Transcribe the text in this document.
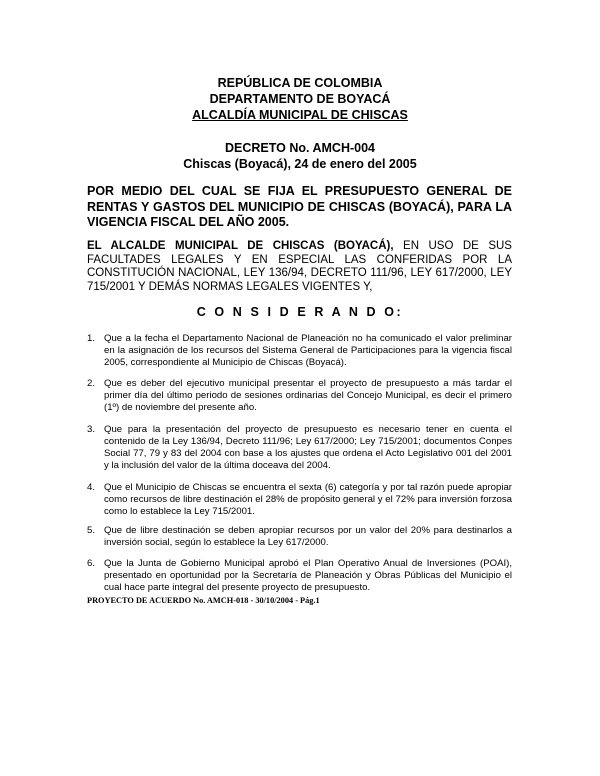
REPÚBLICA DE COLOMBIA
DEPARTAMENTO DE BOYACÁ
ALCALDÍA MUNICIPAL DE CHISCAS
DECRETO No. AMCH-004
Chiscas (Boyacá), 24 de enero del 2005
POR MEDIO DEL CUAL SE FIJA EL PRESUPUESTO GENERAL DE RENTAS Y GASTOS DEL MUNICIPIO DE CHISCAS (BOYACÁ), PARA LA VIGENCIA FISCAL DEL AÑO 2005.
EL ALCALDE MUNICIPAL DE CHISCAS (BOYACÁ), EN USO DE SUS FACULTADES LEGALES Y EN ESPECIAL LAS CONFERIDAS POR LA CONSTITUCIÓN NACIONAL, LEY 136/94, DECRETO 111/96, LEY 617/2000, LEY 715/2001 Y DEMÁS NORMAS LEGALES VIGENTES Y,
C O N S I D E R A N D O:
1. Que a la fecha el Departamento Nacional de Planeación no ha comunicado el valor preliminar en la asignación de los recursos del Sistema General de Participaciones para la vigencia fiscal 2005, correspondiente al Municipio de Chiscas (Boyacá).
2. Que es deber del ejecutivo municipal presentar el proyecto de presupuesto a más tardar el primer día del último periodo de sesiones ordinarias del Concejo Municipal, es decir el primero (1º) de noviembre del presente año.
3. Que para la presentación del proyecto de presupuesto es necesario tener en cuenta el contenido de la Ley 136/94, Decreto 111/96; Ley 617/2000; Ley 715/2001; documentos Conpes Social 77, 79 y 83 del 2004 con base a los ajustes que ordena el Acto Legislativo 001 del 2001 y la inclusión del valor de la última doceava del 2004.
4. Que el Municipio de Chiscas se encuentra el sexta (6) categoría y por tal razón puede apropiar como recursos de libre destinación el 28% de propósito general y el 72% para inversión forzosa como lo establece la Ley 715/2001.
5. Que de libre destinación se deben apropiar recursos por un valor del 20% para destinarlos a inversión social, según lo establece la Ley 617/2000.
6. Que la Junta de Gobierno Municipal aprobó el Plan Operativo Anual de Inversiones (POAI), presentado en oportunidad por la Secretaría de Planeación y Obras Públicas del Municipio el cual hace parte integral del presente proyecto de presupuesto.
PROYECTO DE ACUERDO No. AMCH-018 - 30/10/2004 - Pág.1
